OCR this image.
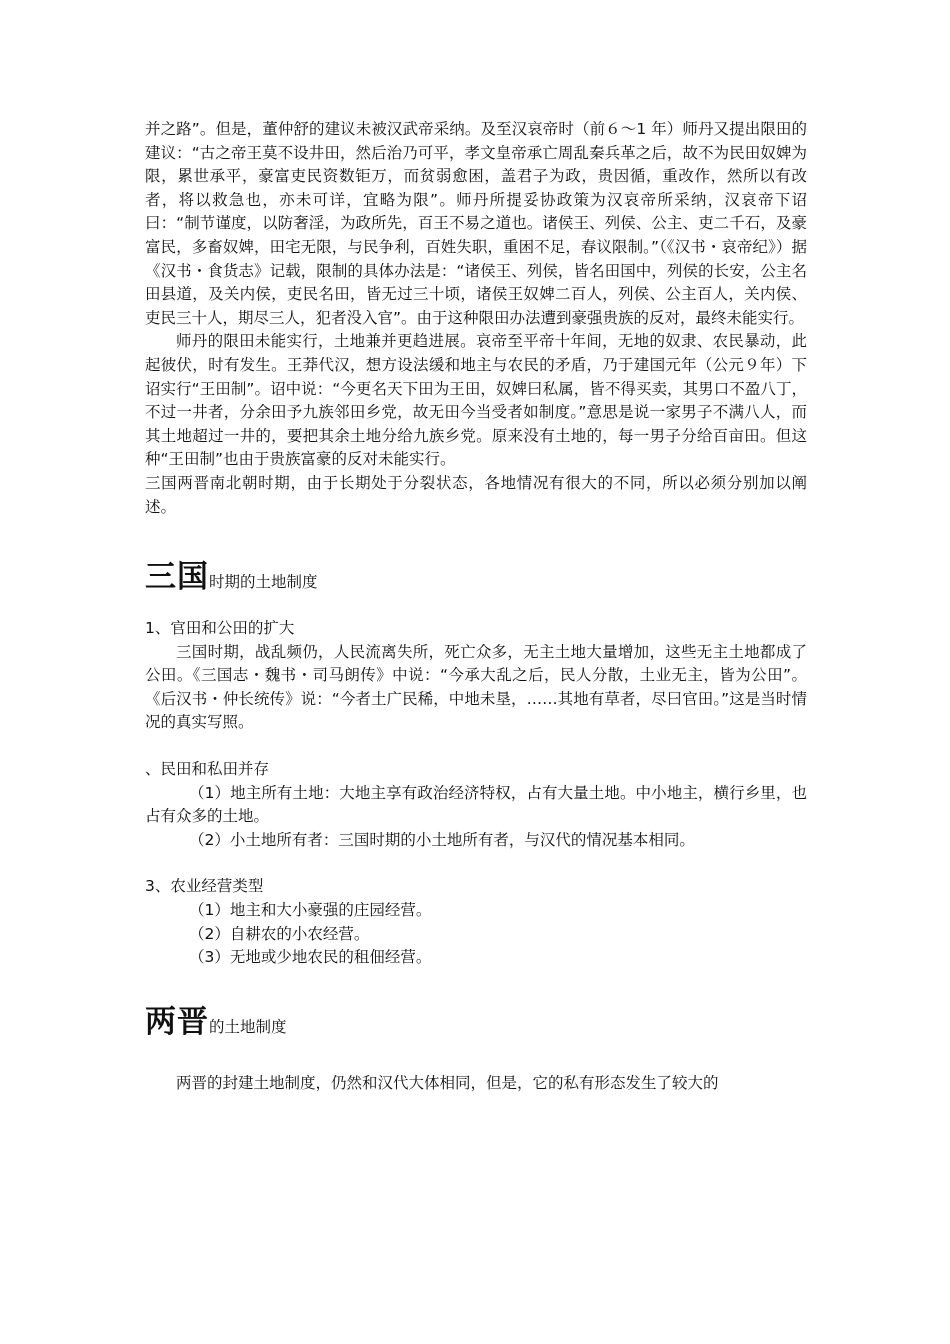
并之路”。但是，董仲舒的建议未被汉武帝采纳。及至汉哀帝时（前６～1 年）师丹又提出限田的建议：“古之帝王莫不设井田，然后治乃可平，孝文皇帝承亡周乱秦兵革之后，故不为民田奴婢为限，累世承平，豪富吏民资数钜万，而贫弱愈困，盖君子为政，贵因循，重改作，然所以有改者，将以救急也，亦未可详，宜略为限”。师丹所提妥协政策为汉哀帝所采纳，汉哀帝下诏曰：“制节谨度，以防奢淫，为政所先，百王不易之道也。诸侯王、列侯、公主、吏二千石，及豪富民，多畜奴婢，田宅无限，与民争利，百姓失职，重困不足，春议限制。”（《汉书・哀帝纪》）据《汉书・食货志》记载，限制的具体办法是：“诸侯王、列侯，皆名田国中，列侯的长安，公主名田县道，及关内侯，吏民名田，皆无过三十顷，诸侯王奴婢二百人，列侯、公主百人，关内侯、吏民三十人，期尽三人，犯者没入官”。由于这种限田办法遭到豪强贵族的反对，最终未能实行。

师丹的限田未能实行，土地兼并更趋进展。哀帝至平帝十年间，无地的奴隶、农民暴动，此起彼伏，时有发生。王莽代汉，想方设法缓和地主与农民的矛盾，乃于建国元年（公元９年）下诏实行“王田制”。诏中说：“今更名天下田为王田，奴婢曰私属，皆不得买卖，其男口不盈八丁，不过一井者，分余田予九族邻田乡党，故无田今当受者如制度。”意思是说一家男子不满八人，而其土地超过一井的，要把其余土地分给九族乡党。原来没有土地的，每一男子分给百亩田。但这种“王田制”也由于贵族富豪的反对未能实行。

三国两晋南北朝时期，由于长期处于分裂状态，各地情况有很大的不同，所以必须分别加以阐述。

三国时期的土地制度

1、官田和公田的扩大

三国时期，战乱频仍，人民流离失所，死亡众多，无主土地大量增加，这些无主土地都成了公田。《三国志・魏书・司马朗传》中说：“今承大乱之后，民人分散，土业无主，皆为公田”。《后汉书・仲长统传》说：“今者土广民稀，中地未垦，……其地有草者，尽曰官田。”这是当时情况的真实写照。

、民田和私田并存

（1）地主所有土地：大地主享有政治经济特权，占有大量土地。中小地主，横行乡里，也占有众多的土地。

（2）小土地所有者：三国时期的小土地所有者，与汉代的情况基本相同。

3、农业经营类型

（1）地主和大小豪强的庄园经营。

（2）自耕农的小农经营。

（3）无地或少地农民的租佃经营。

两晋的土地制度

两晋的封建土地制度，仍然和汉代大体相同，但是，它的私有形态发生了较大的
